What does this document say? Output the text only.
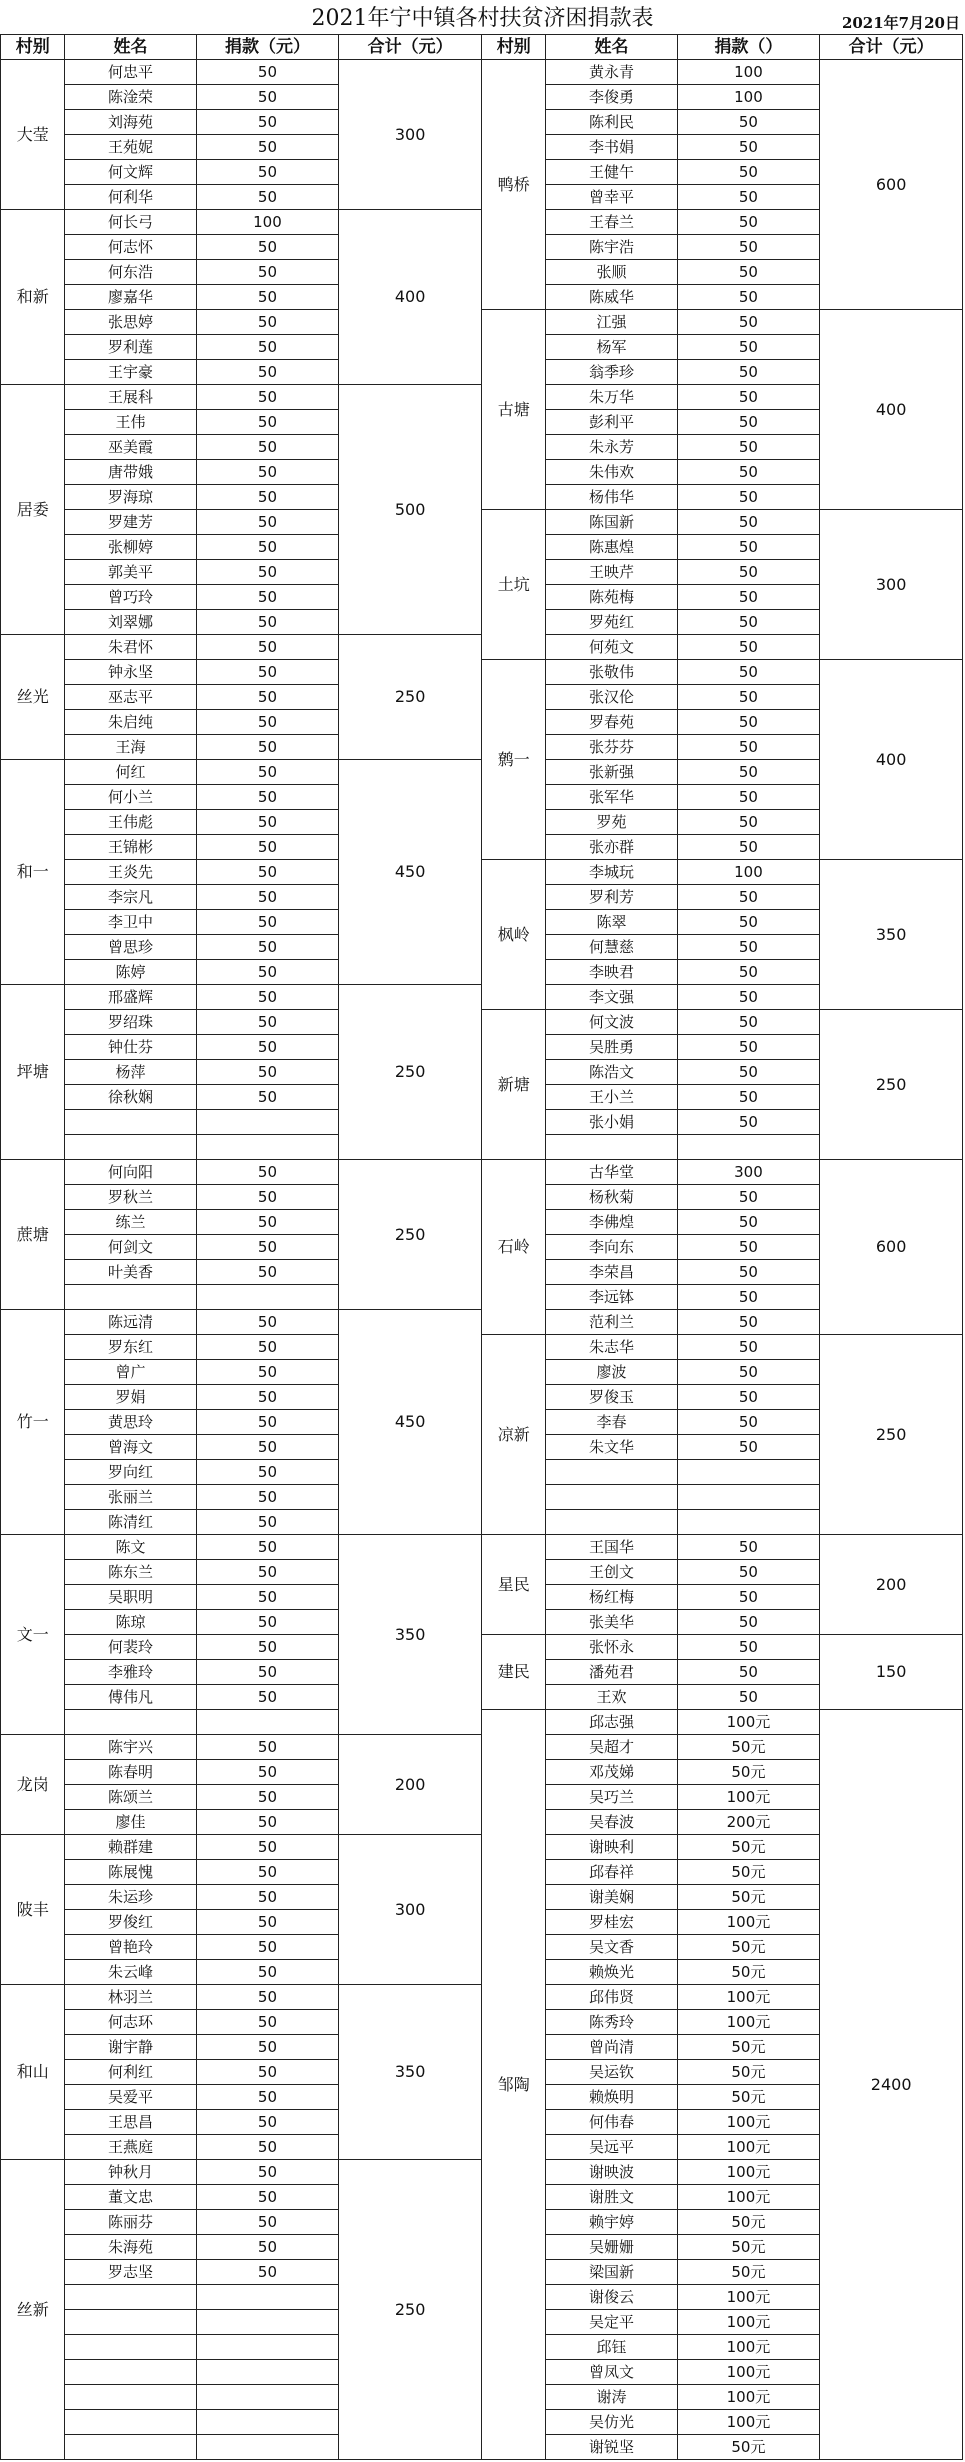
2021年宁中镇各村扶贫济困捐款表	2021年7月20日
村别	姓名	捐款（元）	合计（元）	村别	姓名	捐款（）	合计（元）
大莹	何忠平	50	300	鸭桥	黄永青	100	600
	陈淦荣	50			李俊勇	100	
	刘海苑	50			陈利民	50	
	王苑妮	50			李书娟	50	
	何文辉	50			王健午	50	
	何利华	50			曾幸平	50	
和新	何长弓	100	400		王春兰	50	
	何志怀	50			陈宇浩	50	
	何东浩	50			张顺	50	
	廖嘉华	50			陈威华	50	
	张思婷	50		古塘	江强	50	400
	罗利莲	50			杨军	50	
	王宇豪	50			翁季珍	50	
居委	王展科	50	500		朱万华	50	
	王伟	50			彭利平	50	
	巫美霞	50			朱永芳	50	
	唐带娥	50			朱伟欢	50	
	罗海琼	50			杨伟华	50	
	罗建芳	50		土坑	陈国新	50	300
	张柳婷	50			陈惠煌	50	
	郭美平	50			王映芹	50	
	曾巧玲	50			陈苑梅	50	
	刘翠娜	50			罗苑红	50	
丝光	朱君怀	50	250		何苑文	50	
	钟永坚	50		鹩一	张敬伟	50	400
	巫志平	50			张汉伦	50	
	朱启纯	50			罗春苑	50	
	王海	50			张芬芬	50	
和一	何红	50	450		张新强	50	
	何小兰	50			张军华	50	
	王伟彪	50			罗苑	50	
	王锦彬	50			张亦群	50	
	王炎先	50		枫岭	李城玩	100	350
	李宗凡	50			罗利芳	50	
	李卫中	50			陈翠	50	
	曾思珍	50			何慧慈	50	
	陈婷	50			李映君	50	
坪塘	邢盛辉	50	250		李文强	50	
	罗绍珠	50		新塘	何文波	50	250
	钟仕芬	50			吴胜勇	50	
	杨萍	50			陈浩文	50	
	徐秋娴	50			王小兰	50	
					张小娟	50	

蔗塘	何向阳	50	250	石岭	古华堂	300	600
	罗秋兰	50			杨秋菊	50	
	练兰	50			李佛煌	50	
	何剑文	50			李向东	50	
	叶美香	50			李荣昌	50	
					李远钵	50	
竹一	陈远清	50	450		范利兰	50	
	罗东红	50		凉新	朱志华	50	250
	曾广	50			廖波	50	
	罗娟	50			罗俊玉	50	
	黄思玲	50			李春	50	
	曾海文	50			朱文华	50	
	罗向红	50					
	张丽兰	50					
	陈清红	50					
文一	陈文	50	350	星民	王国华	50	200
	陈东兰	50			王创文	50	
	吴职明	50			杨红梅	50	
	陈琼	50			张美华	50	
	何裴玲	50		建民	张怀永	50	150
	李雅玲	50			潘苑君	50	
	傅伟凡	50			王欢	50	
				邹陶	邱志强	100元	2400
龙岗	陈宇兴	50	200		吴超才	50元	
	陈春明	50			邓茂娣	50元	
	陈颂兰	50			吴巧兰	100元	
	廖佳	50			吴春波	200元	
陂丰	赖群建	50	300		谢映利	50元	
	陈展愧	50			邱春祥	50元	
	朱运珍	50			谢美娴	50元	
	罗俊红	50			罗桂宏	100元	
	曾艳玲	50			吴文香	50元	
	朱云峰	50			赖焕光	50元	
和山	林羽兰	50	350		邱伟贤	100元	
	何志环	50			陈秀玲	100元	
	谢宇静	50			曾尚清	50元	
	何利红	50			吴运钦	50元	
	吴爱平	50			赖焕明	50元	
	王思昌	50			何伟春	100元	
	王燕庭	50			吴远平	100元	
丝新	钟秋月	50	250		谢映波	100元	
	董文忠	50			谢胜文	100元	
	陈丽芬	50			赖宇婷	50元	
	朱海苑	50			吴姗姗	50元	
	罗志坚	50			梁国新	50元	
					谢俊云	100元	
					吴定平	100元	
					邱钰	100元	
					曾凤文	100元	
					谢涛	100元	
					吴仿光	100元	
					谢锐坚	50元	
